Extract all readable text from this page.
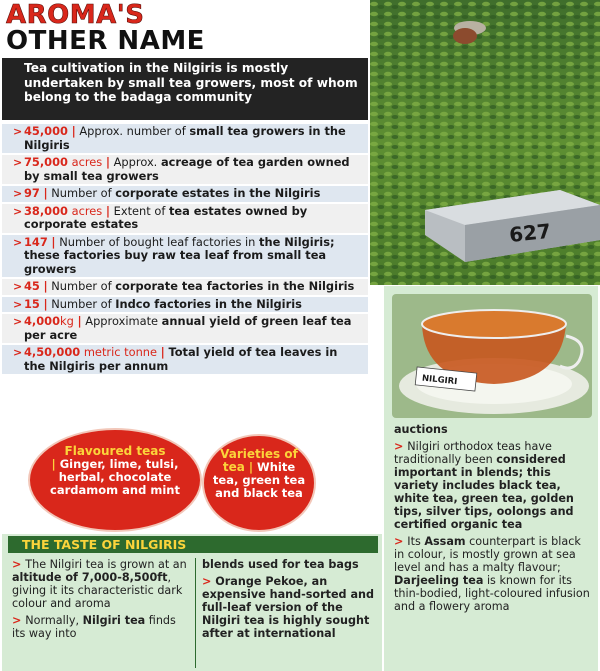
AROMA'S
OTHER NAME
Tea cultivation in the Nilgiris is mostly undertaken by small tea growers, most of whom belong to the badaga community
627
> 45,000 | Approx. number of small tea growers in the Nilgiris
> 75,000 acres | Approx. acreage of tea garden owned by small tea growers
> 97 | Number of corporate estates in the Nilgiris
> 38,000 acres | Extent of tea estates owned by corporate estates
> 147 | Number of bought leaf factories in the Nilgiris; these factories buy raw tea leaf from small tea growers
> 45 | Number of corporate tea factories in the Nilgiris
> 15 | Number of Indco factories in the Nilgiris
> 4,000kg | Approximate annual yield of green leaf tea per acre
> 4,50,000 metric tonne | Total yield of tea leaves in the Nilgiris per annum
Flavoured teas
| Ginger, lime, tulsi, herbal, chocolate cardamom and mint
Varieties of tea | White tea, green tea and black tea
NILGIRI

auctions

> Nilgiri orthodox teas have traditionally been considered important in blends; this variety includes black tea, white tea, green tea, golden tips, silver tips, oolongs and certified organic tea

> Its Assam counterpart is black in colour, is mostly grown at sea level and has a malty flavour; Darjeeling tea is known for its thin-bodied, light-coloured infusion and a flowery aroma

THE TASTE OF NILGIRIS

> The Nilgiri tea is grown at an altitude of 7,000-8,500ft, giving it its characteristic dark colour and aroma

> Normally, Nilgiri tea finds its way into

blends used for tea bags

> Orange Pekoe, an expensive hand-sorted and full-leaf version of the Nilgiri tea is highly sought after at international
